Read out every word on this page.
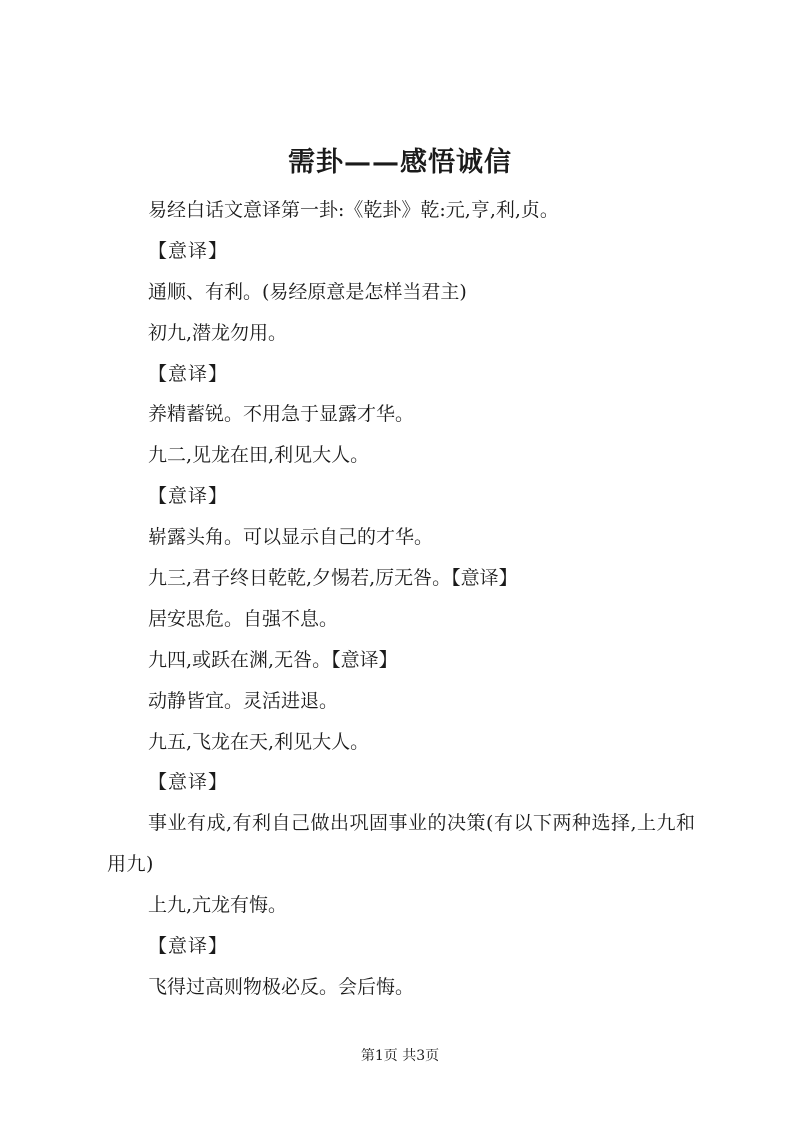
需卦——感悟诚信

易经白话文意译第一卦:《乾卦》乾:元,亨,利,贞。

【意译】

通顺、有利。(易经原意是怎样当君主)

初九,潜龙勿用。

【意译】

养精蓄锐。不用急于显露才华。

九二,见龙在田,利见大人。

【意译】

崭露头角。可以显示自己的才华。

九三,君子终日乾乾,夕惕若,厉无咎。【意译】

居安思危。自强不息。

九四,或跃在渊,无咎。【意译】

动静皆宜。灵活进退。

九五,飞龙在天,利见大人。

【意译】

事业有成,有利自己做出巩固事业的决策(有以下两种选择,上九和用九)

上九,亢龙有悔。

【意译】

飞得过高则物极必反。会后悔。

第1页 共3页
